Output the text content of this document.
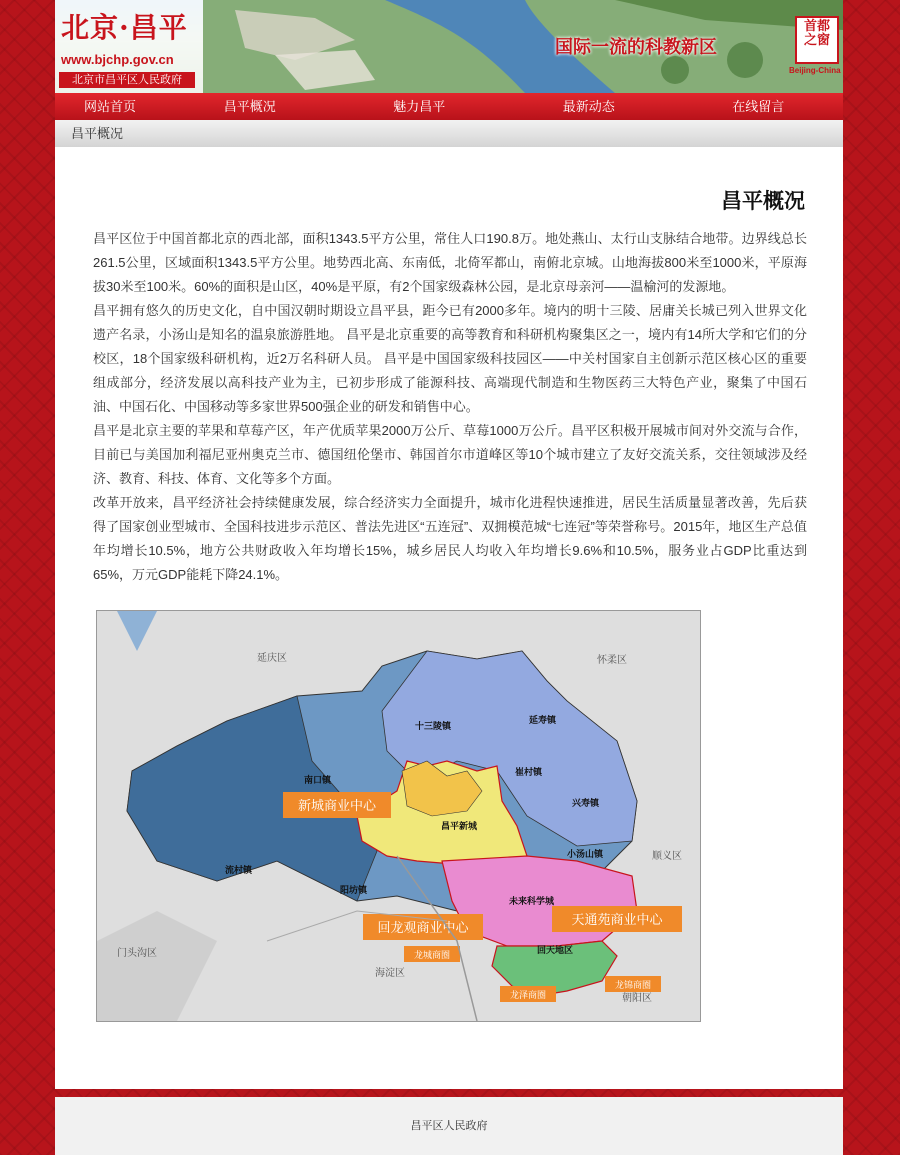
北京·昌平
www.bjchp.gov.cn
北京市昌平区人民政府
国际一流的科教新区
首都之窗
Beijing-China
网站首页	昌平概况	魅力昌平	最新动态	在线留言
昌平概况
昌平概况

昌平区位于中国首都北京的西北部，面积1343.5平方公里，常住人口190.8万。地处燕山、太行山支脉结合地带。边界线总长261.5公里，区域面积1343.5平方公里。地势西北高、东南低，北倚军都山，南俯北京城。山地海拔800米至1000米，平原海拔30米至100米。60%的面积是山区，40%是平原，有2个国家级森林公园，是北京母亲河——温榆河的发源地。

昌平拥有悠久的历史文化，自中国汉朝时期设立昌平县，距今已有2000多年。境内的明十三陵、居庸关长城已列入世界文化遗产名录，小汤山是知名的温泉旅游胜地。 昌平是北京重要的高等教育和科研机构聚集区之一，境内有14所大学和它们的分校区，18个国家级科研机构，近2万名科研人员。 昌平是中国国家级科技园区——中关村国家自主创新示范区核心区的重要组成部分，经济发展以高科技产业为主，已初步形成了能源科技、高端现代制造和生物医药三大特色产业，聚集了中国石油、中国石化、中国移动等多家世界500强企业的研发和销售中心。

昌平是北京主要的苹果和草莓产区，年产优质苹果2000万公斤、草莓1000万公斤。昌平区积极开展城市间对外交流与合作，目前已与美国加利福尼亚州奥克兰市、德国纽伦堡市、韩国首尔市道峰区等10个城市建立了友好交流关系，交往领域涉及经济、教育、科技、体育、文化等多个方面。

改革开放来，昌平经济社会持续健康发展，综合经济实力全面提升，城市化进程快速推进，居民生活质量显著改善，先后获得了国家创业型城市、全国科技进步示范区、普法先进区“五连冠”、双拥模范城“七连冠”等荣誉称号。2015年，地区生产总值年均增长10.5%，地方公共财政收入年均增长15%，城乡居民人均收入年均增长9.6%和10.5%，服务业占GDP比重达到65%，万元GDP能耗下降24.1%。

十三陵镇
延寿镇
南口镇
崔村镇
兴寿镇
流村镇
阳坊镇
小汤山镇
昌平新城
未来科学城
回天地区
延庆区	怀柔区
顺义区
门头沟区
海淀区
朝阳区
新城商业中心
回龙观商业中心
天通苑商业中心
龙城商圈
龙泽商圈
龙锦商圈
昌平区人民政府
